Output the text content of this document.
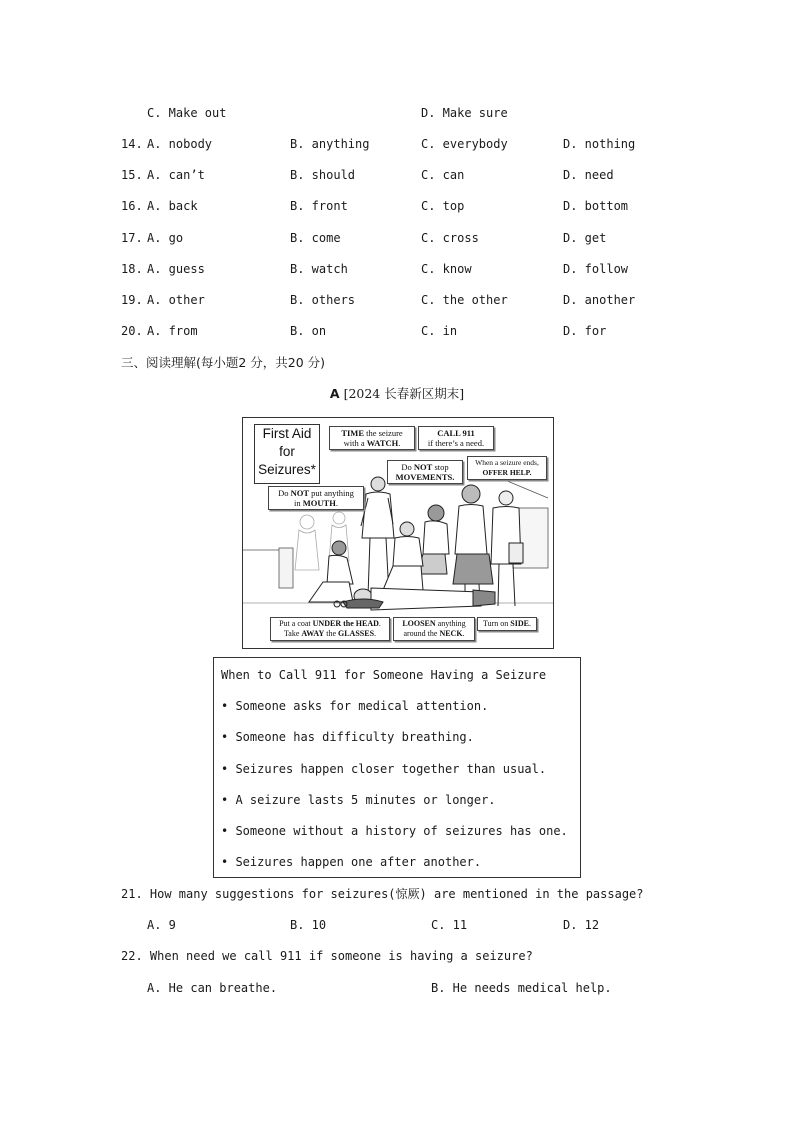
C. Make out	D. Make sure
14. A. nobody	B. anything	C. everybody	D. nothing
15. A. can’t	B. should	C. can	D. need
16. A. back	B. front	C. top	D. bottom
17. A. go	B. come	C. cross	D. get
18. A. guess	B. watch	C. know	D. follow
19. A. other	B. others	C. the other	D. another
20. A. from	B. on	C. in	D. for
三、阅读理解(每小题2 分，共20 分)
A [2024 长春新区期末]
First Aid
for
Seizures*
TIME the seizure
with a WATCH.
CALL 911
if there’s a need.
When a seizure ends,
OFFER HELP.
Do NOT stop
MOVEMENTS.
Do NOT put anything
in MOUTH.
Put a coat UNDER the HEAD.
Take AWAY the GLASSES.
LOOSEN anything
around the NECK.
Turn on SIDE.
When to Call 911 for Someone Having a Seizure
• Someone asks for medical attention.
• Someone has difficulty breathing.
• Seizures happen closer together than usual.
• A seizure lasts 5 minutes or longer.
• Someone without a history of seizures has one.
• Seizures happen one after another.
21. How many suggestions for seizures(惊厥) are mentioned in the passage?
A. 9	B. 10	C. 11	D. 12
22. When need we call 911 if someone is having a seizure?
A. He can breathe.	B. He needs medical help.
